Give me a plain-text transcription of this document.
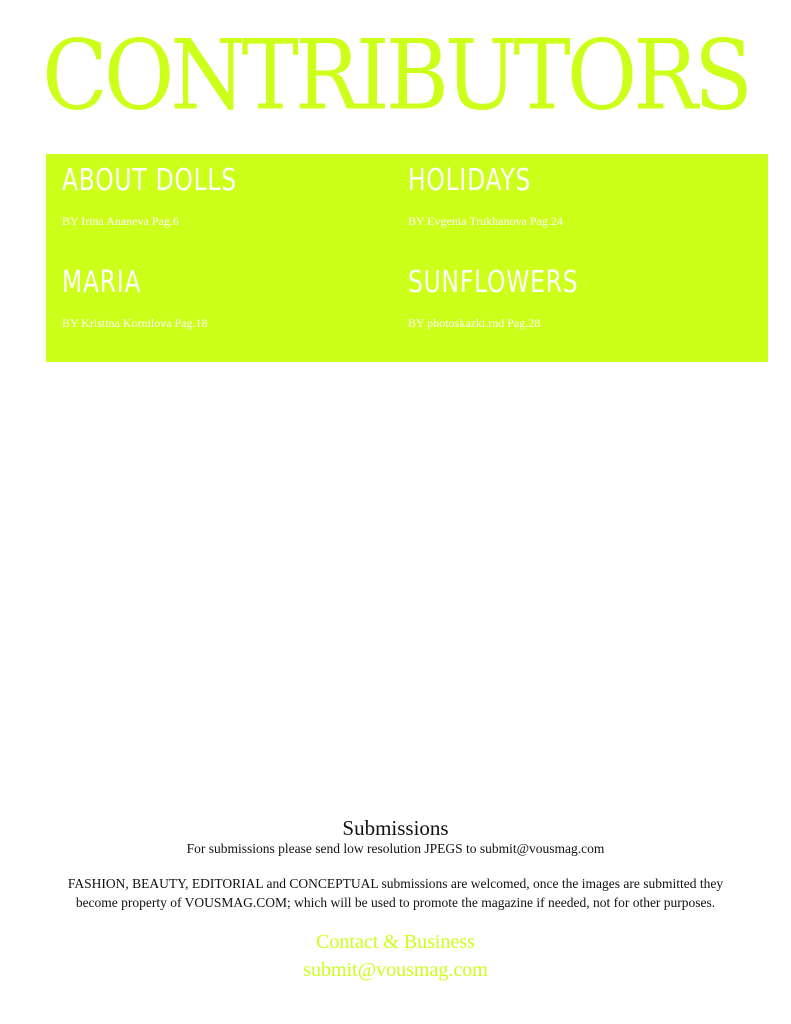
CONTRIBUTORS
ABOUT DOLLS
BY Irina Ananeva Pag.6
HOLIDAYS
BY Evgenia Trukhanova Pag.24
MARIA
BY Kristina Kornilova Pag.18
SUNFLOWERS
BY photoskazki.rnd Pag.28
Submissions
For submissions please send low resolution JPEGS to submit@vousmag.com
FASHION, BEAUTY, EDITORIAL and CONCEPTUAL submissions are welcomed, once the images are submitted they
become property of VOUSMAG.COM; which will be used to promote the magazine if needed, not for other purposes.
Contact & Business
submit@vousmag.com
